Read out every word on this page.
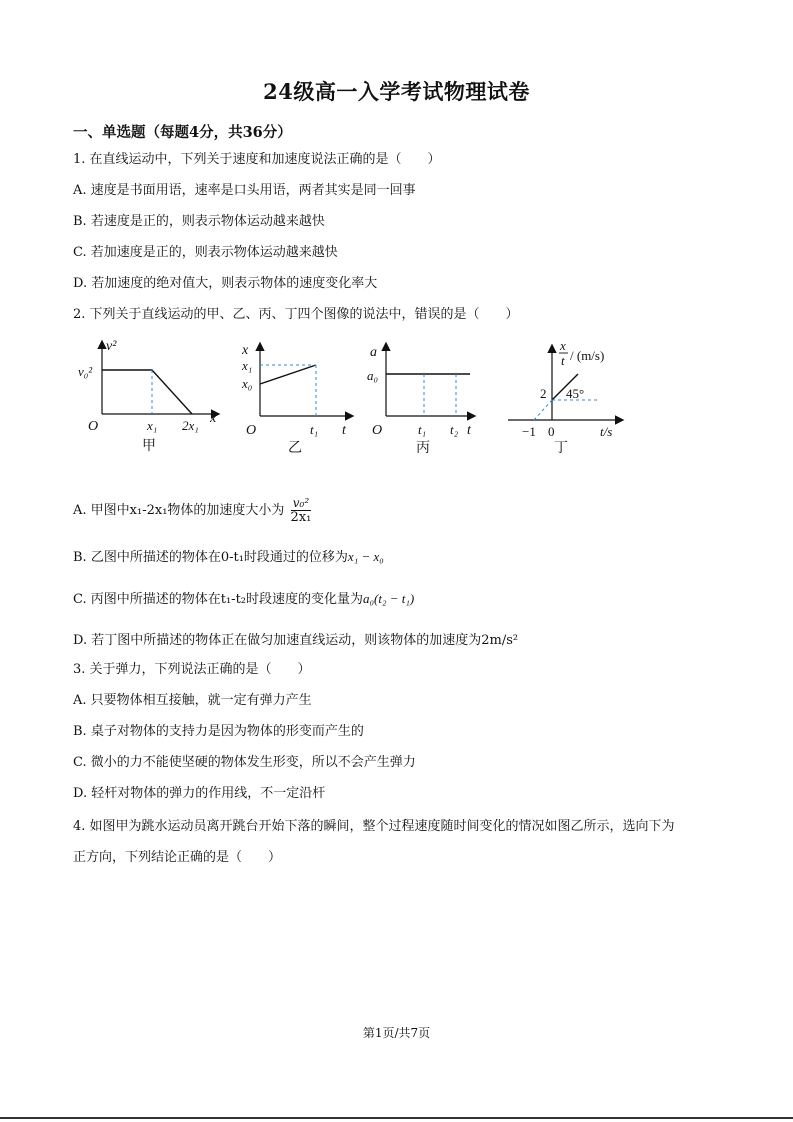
24级高一入学考试物理试卷
一、单选题（每题4分，共36分）
1. 在直线运动中，下列关于速度和加速度说法正确的是（　　）
A. 速度是书面用语，速率是口头用语，两者其实是同一回事
B. 若速度是正的，则表示物体运动越来越快
C. 若加速度是正的，则表示物体运动越来越快
D. 若加速度的绝对值大，则表示物体的速度变化率大
2. 下列关于直线运动的甲、乙、丙、丁四个图像的说法中，错误的是（　　）
v²
v₀²
x
O	x₁ 2x₁
甲
x
x₁
x₀
O	t₁ t
乙
a
a₀
O	t₁ t₂ t
丙
x
t / (m/s)
2 45°
−1 0	t/s
丁
A. 甲图中x₁-2x₁物体的加速度大小为 $\frac{\text{v₀²}}{\text{2x₁}}$
B. 乙图中所描述的物体在0-t₁时段通过的位移为x₁ − x₀
C. 丙图中所描述的物体在t₁-t₂时段速度的变化量为a₀(t₂ − t₁)
D. 若丁图中所描述的物体正在做匀加速直线运动，则该物体的加速度为2m/s²
3. 关于弹力，下列说法正确的是（　　）
A. 只要物体相互接触，就一定有弹力产生
B. 桌子对物体的支持力是因为物体的形变而产生的
C. 微小的力不能使坚硬的物体发生形变，所以不会产生弹力
D. 轻杆对物体的弹力的作用线，不一定沿杆
4. 如图甲为跳水运动员离开跳台开始下落的瞬间，整个过程速度随时间变化的情况如图乙所示，选向下为
正方向，下列结论正确的是（　　）
第1页/共7页
